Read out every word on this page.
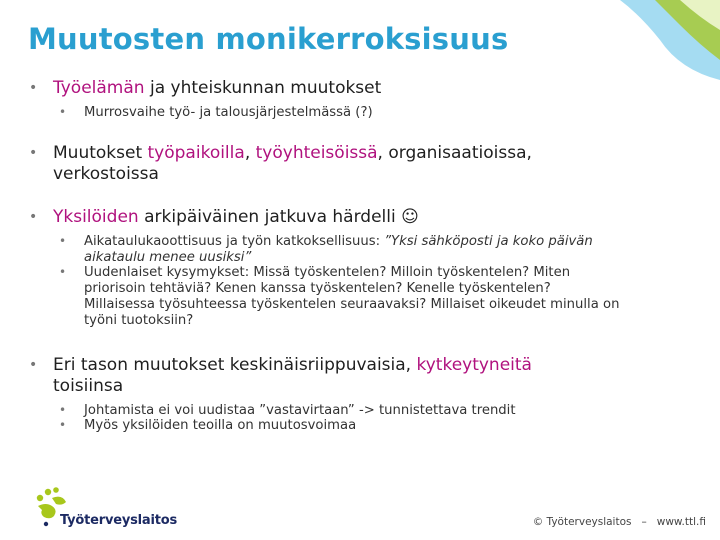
Muutosten monikerroksisuus
• Työelämän ja yhteiskunnan muutokset
• Murrosvaihe työ- ja talousjärjestelmässä (?)
• Muutokset työpaikoilla, työyhteisöissä, organisaatioissa,
verkostoissa
• Yksilöiden arkipäiväinen jatkuva härdelli ☺
• Aikataulukaoottisuus ja työn katkoksellisuus: ”Yksi sähköposti ja koko päivän
aikataulu menee uusiksi”
• Uudenlaiset kysymykset: Missä työskentelen? Milloin työskentelen? Miten
priorisoin tehtäviä? Kenen kanssa työskentelen? Kenelle työskentelen?
Millaisessa työsuhteessa työskentelen seuraavaksi? Millaiset oikeudet minulla on
työni tuotoksiin?
• Eri tason muutokset keskinäisriippuvaisia, kytkeytyneitä
toisiinsa
• Johtamista ei voi uudistaa ”vastavirtaan” -> tunnistettava trendit
• Myös yksilöiden teoilla on muutosvoimaa
Työterveyslaitos	© Työterveyslaitos – www.ttl.fi
